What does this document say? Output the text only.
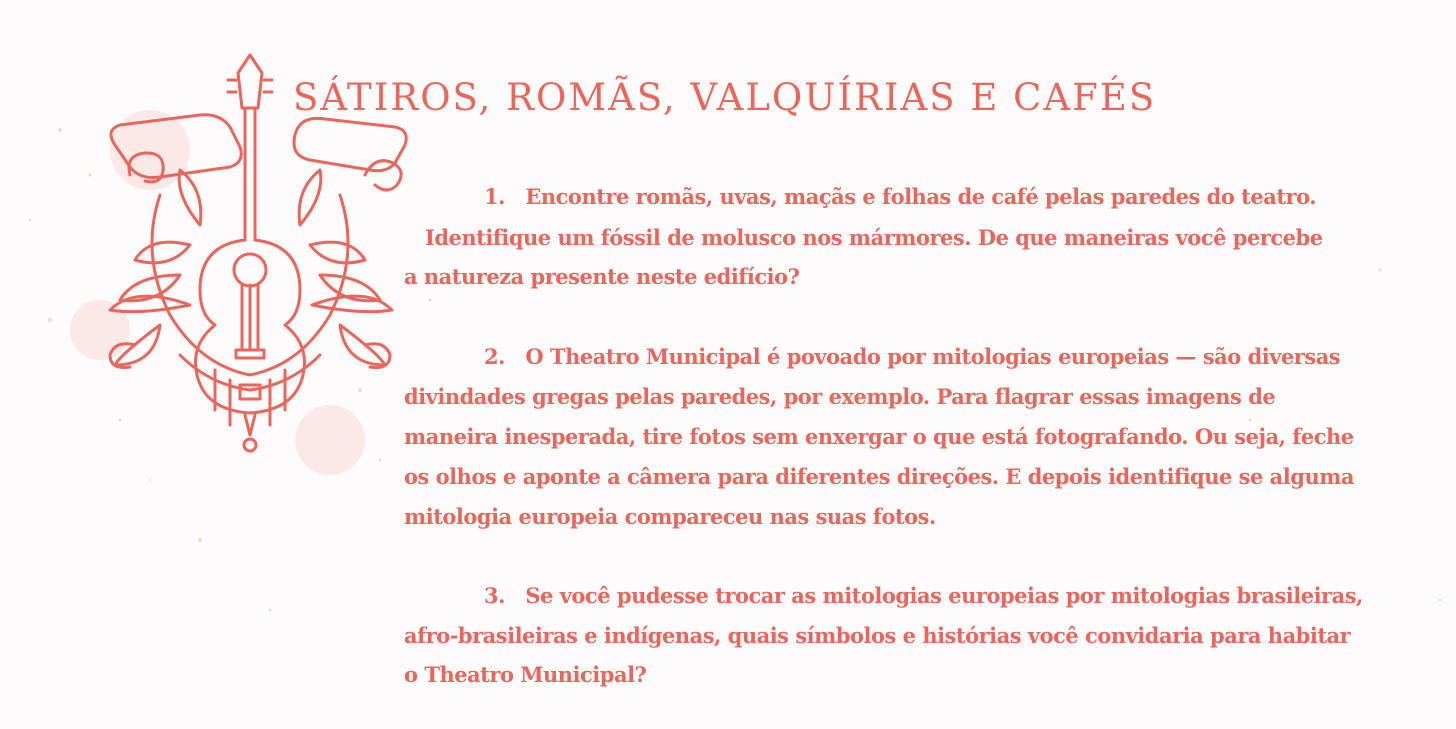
SÁTIROS, ROMÃS, VALQUÍRIAS E CAFÉS

1. Encontre romãs, uvas, maçãs e folhas de café pelas paredes do teatro.

Identifique um fóssil de molusco nos mármores. De que maneiras você percebe

a natureza presente neste edifício?

2. O Theatro Municipal é povoado por mitologias europeias — são diversas

divindades gregas pelas paredes, por exemplo. Para flagrar essas imagens de

maneira inesperada, tire fotos sem enxergar o que está fotografando. Ou seja, feche

os olhos e aponte a câmera para diferentes direções. E depois identifique se alguma

mitologia europeia compareceu nas suas fotos.

3. Se você pudesse trocar as mitologias europeias por mitologias brasileiras,

afro-brasileiras e indígenas, quais símbolos e histórias você convidaria para habitar

o Theatro Municipal?
